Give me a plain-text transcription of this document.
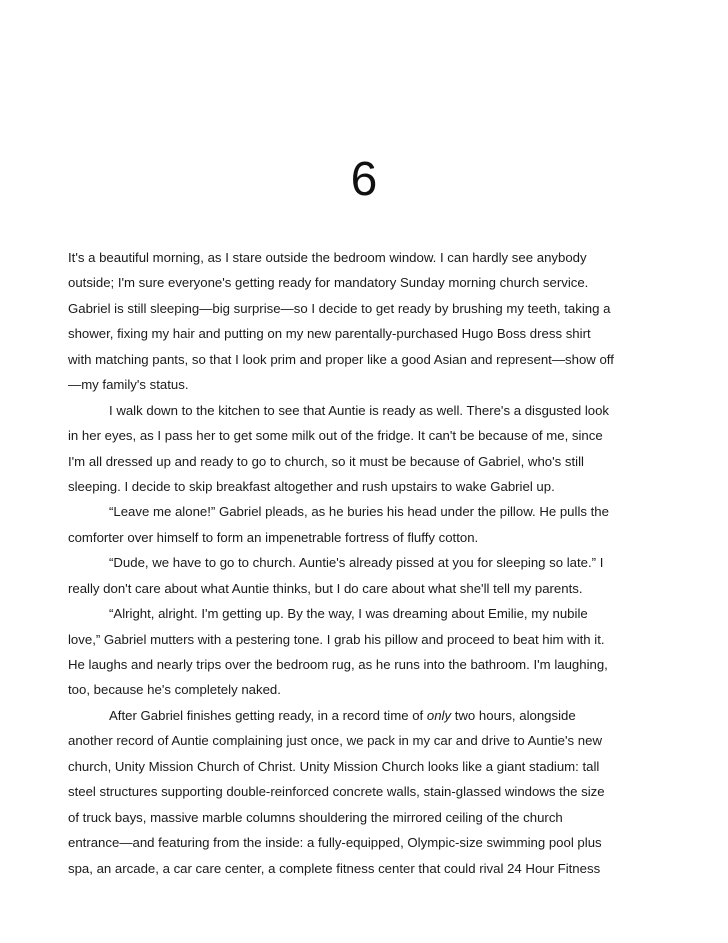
6

It's a beautiful morning, as I stare outside the bedroom window. I can hardly see anybody
outside; I'm sure everyone's getting ready for mandatory Sunday morning church service.
Gabriel is still sleeping—big surprise—so I decide to get ready by brushing my teeth, taking a
shower, fixing my hair and putting on my new parentally-purchased Hugo Boss dress shirt
with matching pants, so that I look prim and proper like a good Asian and represent—show off
—my family's status.

I walk down to the kitchen to see that Auntie is ready as well. There's a disgusted look
in her eyes, as I pass her to get some milk out of the fridge. It can't be because of me, since
I'm all dressed up and ready to go to church, so it must be because of Gabriel, who's still
sleeping. I decide to skip breakfast altogether and rush upstairs to wake Gabriel up.

“Leave me alone!” Gabriel pleads, as he buries his head under the pillow. He pulls the
comforter over himself to form an impenetrable fortress of fluffy cotton.

“Dude, we have to go to church. Auntie's already pissed at you for sleeping so late.” I
really don't care about what Auntie thinks, but I do care about what she'll tell my parents.

“Alright, alright. I'm getting up. By the way, I was dreaming about Emilie, my nubile
love,” Gabriel mutters with a pestering tone. I grab his pillow and proceed to beat him with it.
He laughs and nearly trips over the bedroom rug, as he runs into the bathroom. I'm laughing,
too, because he's completely naked.

After Gabriel finishes getting ready, in a record time of only two hours, alongside
another record of Auntie complaining just once, we pack in my car and drive to Auntie's new
church, Unity Mission Church of Christ. Unity Mission Church looks like a giant stadium: tall
steel structures supporting double-reinforced concrete walls, stain-glassed windows the size
of truck bays, massive marble columns shouldering the mirrored ceiling of the church
entrance—and featuring from the inside: a fully-equipped, Olympic-size swimming pool plus
spa, an arcade, a car care center, a complete fitness center that could rival 24 Hour Fitness
